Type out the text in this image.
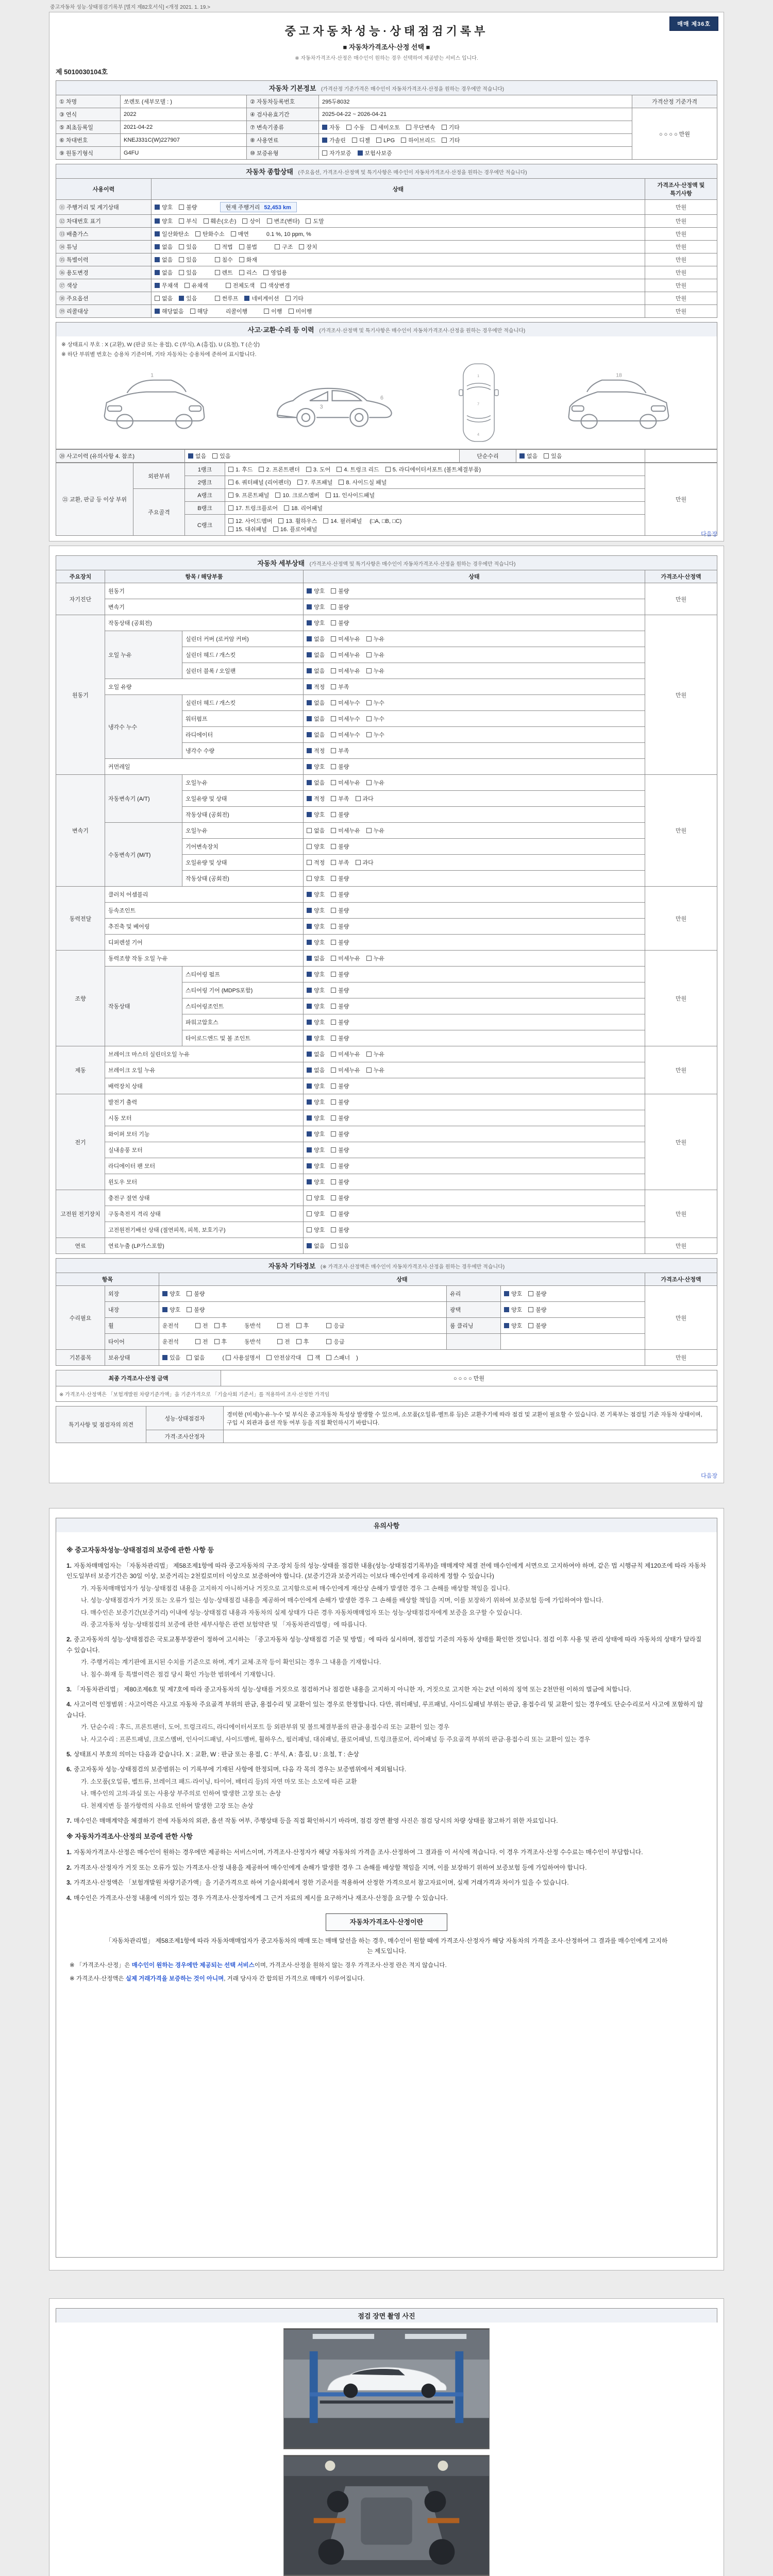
중고자동차 성능·상태점검기록부 [별지 제82호서식] <개정 2021. 1. 19.>
매매 제36호
중고자동차성능·상태점검기록부
■ 자동차가격조사·산정 선택 ■
※ 자동차가격조사·산정은 매수인이 원하는 경우 선택하여 제공받는 서비스 입니다.
제 5010030104호
자동차 기본정보 (가격산정 기준가격은 매수인이 자동차가격조사·산정을 원하는 경우에만 적습니다)
① 차명	쏘렌토 (세부모델 : )	② 자동차등록번호	295두8032	가격산정 기준가격
③ 연식	2022	④ 검사유효기간	2025-04-22 ~ 2026-04-21	○ ○ ○ ○ 만원
⑤ 최초등록일	2021-04-22	⑦ 변속기종류	자동 수동 세미오토 무단변속 기타	
⑥ 차대번호	KNEJ331C(W)227907	⑧ 사용연료	가솔린 디젤 LPG 하이브리드 기타	
⑨ 원동기형식	G4FU	⑩ 보증유형	자가보증 보험사보증	
자동차 종합상태 (주요옵션, 가격조사·산정액 및 특기사항은 매수인이 자동차가격조사·산정을 원하는 경우에만 적습니다)
사용이력	상태	가격조사·산정액 및 특기사항
⑪ 주행거리 및 계기상태	양호 불량 현재 주행거리 52,453 km	만원
⑫ 차대번호 표기	양호 부식 훼손(오손) 상이 변조(변타) 도말	만원
⑬ 배출가스	일산화탄소 탄화수소 매연 0.1 %, 10 ppm, %	만원
⑭ 튜닝	없음 있음 적법 불법 구조 장치	만원
⑮ 특별이력	없음 있음 침수 화재	만원
⑯ 용도변경	없음 있음 렌트 리스 영업용	만원
⑰ 색상	무채색 유채색 전체도색 색상변경	만원
⑱ 주요옵션	없음 있음 썬루프 네비게이션 기타	만원
⑲ 리콜대상	해당없음 해당 리콜이행 이행 미이행	만원
사고·교환·수리 등 이력 (가격조사·산정액 및 특기사항은 매수인이 자동차가격조사·산정을 원하는 경우에만 적습니다)
※ 상태표시 부호 : X (교환), W (판금 또는 용접), C (부식), A (흠집), U (요철), T (손상)
※ 하단 부위별 번호는 승용차 기준이며, 기타 자동차는 승용차에 준하여 표시합니다.
1
3
6
1
7
4
18
⑳ 사고이력 (유의사항 4. 참조)	없음 있음	단순수리	없음 있음	
㉑ 교환, 판금 등 이상 부위	외판부위	1랭크	1. 후드 2. 프론트펜더 3. 도어 4. 트렁크 리드 5. 라디에이터서포트 (볼트체결부품)	만원
		2랭크	6. 쿼터패널 (리어펜더) 7. 루프패널 8. 사이드실 패널	
	주요골격	A랭크	9. 프론트패널 10. 크로스멤버 11. 인사이드패널	
		B랭크	17. 트렁크플로어 18. 리어패널	
		C랭크	12. 사이드멤버 13. 휠하우스 14. 필러패널 (□A, □B, □C)
15. 대쉬패널 16. 플로어패널	
다음장
자동차 세부상태 (가격조사·산정액 및 특기사항은 매수인이 자동차가격조사·산정을 원하는 경우에만 적습니다)
주요장치	항목 / 해당부품		상태	가격조사·산정액
자기진단	원동기		양호 불량	만원
	변속기		양호 불량	
원동기	작동상태 (공회전)		양호 불량	만원
	오일 누유	실린더 커버 (로커암 커버)	없음 미세누유 누유	
		실린더 헤드 / 개스킷	없음 미세누유 누유	
		실린더 블록 / 오일팬	없음 미세누유 누유	
	오일 유량		적정 부족	
	냉각수 누수	실린더 헤드 / 개스킷	없음 미세누수 누수	
		워터펌프	없음 미세누수 누수	
		라디에이터	없음 미세누수 누수	
		냉각수 수량	적정 부족	
	커먼레일		양호 불량	
변속기	자동변속기 (A/T)	오일누유	없음 미세누유 누유	만원
		오일유량 및 상태	적정 부족 과다	
		작동상태 (공회전)	양호 불량	
	수동변속기 (M/T)	오일누유	없음 미세누유 누유	
		기어변속장치	양호 불량	
		오일유량 및 상태	적정 부족 과다	
		작동상태 (공회전)	양호 불량	
동력전달	클러치 어셈블리		양호 불량	만원
	등속조인트		양호 불량	
	추진축 및 베어링		양호 불량	
	디퍼렌셜 기어		양호 불량	
조향	동력조향 작동 오일 누유		없음 미세누유 누유	만원
	작동상태	스티어링 펌프	양호 불량	
		스티어링 기어 (MDPS포함)	양호 불량	
		스티어링조인트	양호 불량	
		파워고압호스	양호 불량	
		타이로드엔드 및 볼 조인트	양호 불량	
제동	브레이크 마스터 실린더오일 누유		없음 미세누유 누유	만원
	브레이크 오일 누유		없음 미세누유 누유	
	배력장치 상태		양호 불량	
전기	발전기 출력		양호 불량	만원
	시동 모터		양호 불량	
	와이퍼 모터 기능		양호 불량	
	실내송풍 모터		양호 불량	
	라디에이터 팬 모터		양호 불량	
	윈도우 모터		양호 불량	
고전원 전기장치	충전구 절연 상태		양호 불량	만원
	구동축전지 격리 상태		양호 불량	
	고전원전기배선 상태 (절연피복, 피복, 보호기구)		양호 불량	
연료	연료누출 (LP가스포함)		없음 있음	만원
자동차 기타정보 (※ 가격조사·산정액은 매수인이 자동차가격조사·산정을 원하는 경우에만 적습니다)
항목		상태			가격조사·산정액
수리필요	외장	양호 불량	유리	양호 불량	만원
	내장	양호 불량	광택	양호 불량	
	휠	운전석 전 후 동반석 전 후 응급	룸 클리닝	양호 불량	
	타이어	운전석 전 후 동반석 전 후 응급			
기본품목	보유상태	있음 없음 ( 사용설명서 안전삼각대 잭 스패너 )			만원
최종 가격조사·산정 금액	○ ○ ○ ○ 만원
※ 가격조사·산정액은 「보험개발원 차량기준가액」을 기준가격으로 「기술사회 기준서」를 적용하여 조사·산정한 가격임
특기사항 및 점검자의 의견	성능·상태점검자	경미한 (미세)누유·누수 및 부식은 중고자동차 특성상 발생할 수 있으며, 소모품(오일류·벨트류 등)은 교환주기에 따라 점검 및 교환이 필요할 수 있습니다. 본 기록부는 점검일 기준 자동차 상태이며, 구입 시 외관과 옵션 작동 여부 등을 직접 확인하시기 바랍니다.
	가격·조사산정자	
다음장
유의사항
※ 중고자동차성능·상태점검의 보증에 관한 사항 등
1. 자동차매매업자는 「자동차관리법」 제58조제1항에 따라 중고자동차의 구조·장치 등의 성능·상태를 점검한 내용(성능·상태점검기록부)을 매매계약 체결 전에 매수인에게 서면으로 고지하여야 하며, 같은 법 시행규칙 제120조에 따라 자동차인도일부터 보증기간은 30일 이상, 보증거리는 2천킬로미터 이상으로 보증하여야 합니다. (보증기간과 보증거리는 이보다 매수인에게 유리하게 정할 수 있습니다)
가. 자동차매매업자가 성능·상태점검 내용을 고지하지 아니하거나 거짓으로 고지함으로써 매수인에게 재산상 손해가 발생한 경우 그 손해를 배상할 책임을 집니다.
나. 성능·상태점검자가 거짓 또는 오류가 있는 성능·상태점검 내용을 제공하여 매수인에게 손해가 발생한 경우 그 손해를 배상할 책임을 지며, 이를 보장하기 위하여 보증보험 등에 가입하여야 합니다.
다. 매수인은 보증기간(보증거리) 이내에 성능·상태점검 내용과 자동차의 실제 상태가 다른 경우 자동차매매업자 또는 성능·상태점검자에게 보증을 요구할 수 있습니다.
라. 중고자동차 성능·상태점검의 보증에 관한 세부사항은 관련 보험약관 및 「자동차관리법령」에 따릅니다.
2. 중고자동차의 성능·상태점검은 국토교통부장관이 정하여 고시하는 「중고자동차 성능·상태점검 기준 및 방법」에 따라 실시하며, 점검일 기준의 자동차 상태를 확인한 것입니다. 점검 이후 사용 및 관리 상태에 따라 자동차의 상태가 달라질 수 있습니다.
가. 주행거리는 계기판에 표시된 수치를 기준으로 하며, 계기 교체·조작 등이 확인되는 경우 그 내용을 기재합니다.
나. 침수·화재 등 특별이력은 점검 당시 확인 가능한 범위에서 기재합니다.
3. 「자동차관리법」 제80조제6호 및 제7호에 따라 중고자동차의 성능·상태를 거짓으로 점검하거나 점검한 내용을 고지하지 아니한 자, 거짓으로 고지한 자는 2년 이하의 징역 또는 2천만원 이하의 벌금에 처합니다.
4. 사고이력 인정범위 : 사고이력은 사고로 자동차 주요골격 부위의 판금, 용접수리 및 교환이 있는 경우로 한정합니다. 다만, 쿼터패널, 루프패널, 사이드실패널 부위는 판금, 용접수리 및 교환이 있는 경우에도 단순수리로서 사고에 포함하지 않습니다.
가. 단순수리 : 후드, 프론트펜더, 도어, 트렁크리드, 라디에이터서포트 등 외판부위 및 볼트체결부품의 판금·용접수리 또는 교환이 있는 경우
나. 사고수리 : 프론트패널, 크로스멤버, 인사이드패널, 사이드멤버, 휠하우스, 필러패널, 대쉬패널, 플로어패널, 트렁크플로어, 리어패널 등 주요골격 부위의 판금·용접수리 또는 교환이 있는 경우
5. 상태표시 부호의 의미는 다음과 같습니다. X : 교환, W : 판금 또는 용접, C : 부식, A : 흠집, U : 요철, T : 손상
6. 중고자동차 성능·상태점검의 보증범위는 이 기록부에 기재된 사항에 한정되며, 다음 각 목의 경우는 보증범위에서 제외됩니다.
가. 소모품(오일류, 벨트류, 브레이크 패드·라이닝, 타이어, 배터리 등)의 자연 마모 또는 소모에 따른 교환
나. 매수인의 고의·과실 또는 사용상 부주의로 인하여 발생한 고장 또는 손상
다. 천재지변 등 불가항력의 사유로 인하여 발생한 고장 또는 손상
7. 매수인은 매매계약을 체결하기 전에 자동차의 외관, 옵션 작동 여부, 주행상태 등을 직접 확인하시기 바라며, 점검 장면 촬영 사진은 점검 당시의 차량 상태를 참고하기 위한 자료입니다.
※ 자동차가격조사·산정의 보증에 관한 사항
1. 자동차가격조사·산정은 매수인이 원하는 경우에만 제공하는 서비스이며, 가격조사·산정자가 해당 자동차의 가격을 조사·산정하여 그 결과를 이 서식에 적습니다. 이 경우 가격조사·산정 수수료는 매수인이 부담합니다.
2. 가격조사·산정자가 거짓 또는 오류가 있는 가격조사·산정 내용을 제공하여 매수인에게 손해가 발생한 경우 그 손해를 배상할 책임을 지며, 이를 보장하기 위하여 보증보험 등에 가입하여야 합니다.
3. 가격조사·산정액은 「보험개발원 차량기준가액」을 기준가격으로 하여 기술사회에서 정한 기준서를 적용하여 산정한 가격으로서 참고자료이며, 실제 거래가격과 차이가 있을 수 있습니다.
4. 매수인은 가격조사·산정 내용에 이의가 있는 경우 가격조사·산정자에게 그 근거 자료의 제시를 요구하거나 재조사·산정을 요구할 수 있습니다.
자동차가격조사·산정이란
「자동차관리법」 제58조제1항에 따라 자동차매매업자가 중고자동차의 매매 또는 매매 알선을 하는 경우, 매수인이 원할 때에 가격조사·산정자가 해당 자동차의 가격을 조사·산정하여 그 결과를 매수인에게 고지하는 제도입니다.
※ 「가격조사·산정」은 매수인이 원하는 경우에만 제공되는 선택 서비스이며, 가격조사·산정을 원하지 않는 경우 가격조사·산정 란은 적지 않습니다.
※ 가격조사·산정액은 실제 거래가격을 보증하는 것이 아니며, 거래 당사자 간 합의된 가격으로 매매가 이루어집니다.
점검 장면 촬영 사진
